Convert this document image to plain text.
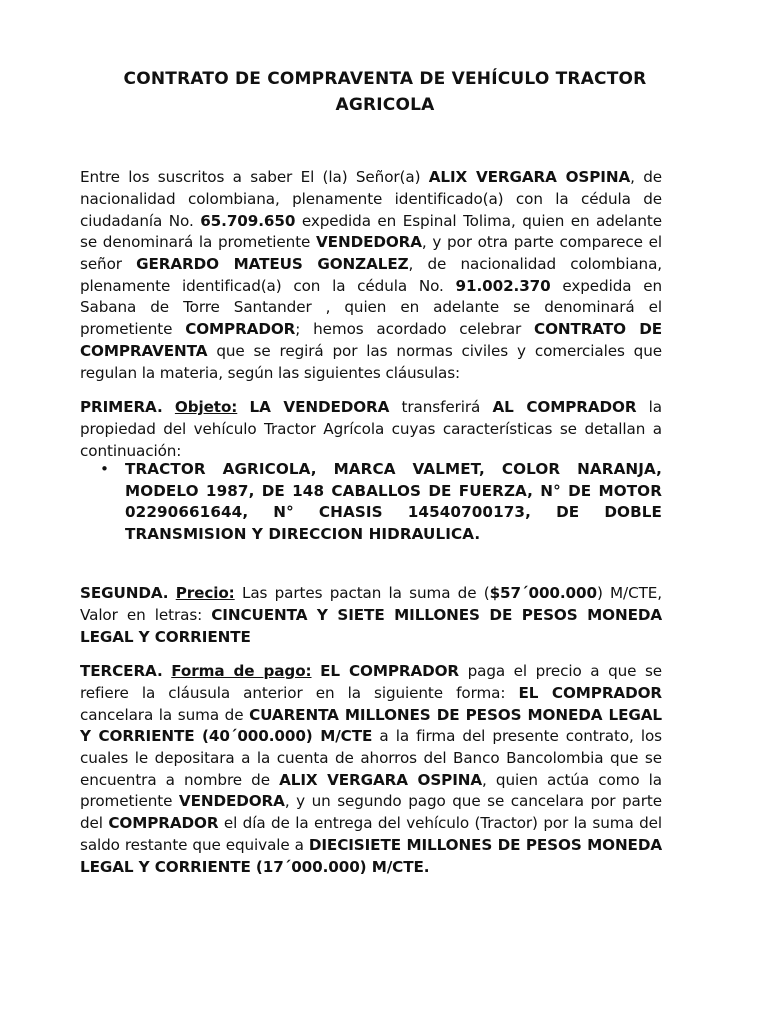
CONTRATO DE COMPRAVENTA DE VEHÍCULO TRACTOR AGRICOLA

Entre los suscritos a saber El (la) Señor(a) ALIX VERGARA OSPINA, de nacionalidad colombiana, plenamente identificado(a) con la cédula de ciudadanía No. 65.709.650 expedida en Espinal Tolima, quien en adelante se denominará la prometiente VENDEDORA, y por otra parte comparece el señor GERARDO MATEUS GONZALEZ, de nacionalidad colombiana, plenamente identificad(a) con la cédula No. 91.002.370 expedida en Sabana de Torre Santander , quien en adelante se denominará el prometiente COMPRADOR; hemos acordado celebrar CONTRATO DE COMPRAVENTA que se regirá por las normas civiles y comerciales que regulan la materia, según las siguientes cláusulas:

PRIMERA. Objeto: LA VENDEDORA transferirá AL COMPRADOR la propiedad del vehículo Tractor Agrícola cuyas características se detallan a continuación:

• TRACTOR AGRICOLA, MARCA VALMET, COLOR NARANJA, MODELO 1987, DE 148 CABALLOS DE FUERZA, N° DE MOTOR 02290661644, N° CHASIS 14540700173, DE DOBLE TRANSMISION Y DIRECCION HIDRAULICA.

SEGUNDA. Precio: Las partes pactan la suma de ($57´000.000) M/CTE, Valor en letras: CINCUENTA Y SIETE MILLONES DE PESOS MONEDA LEGAL Y CORRIENTE

TERCERA. Forma de pago: EL COMPRADOR paga el precio a que se refiere la cláusula anterior en la siguiente forma: EL COMPRADOR cancelara la suma de CUARENTA MILLONES DE PESOS MONEDA LEGAL Y CORRIENTE (40´000.000) M/CTE a la firma del presente contrato, los cuales le depositara a la cuenta de ahorros del Banco Bancolombia que se encuentra a nombre de ALIX VERGARA OSPINA, quien actúa como la prometiente VENDEDORA, y un segundo pago que se cancelara por parte del COMPRADOR el día de la entrega del vehículo (Tractor) por la suma del saldo restante que equivale a DIECISIETE MILLONES DE PESOS MONEDA LEGAL Y CORRIENTE (17´000.000) M/CTE.
